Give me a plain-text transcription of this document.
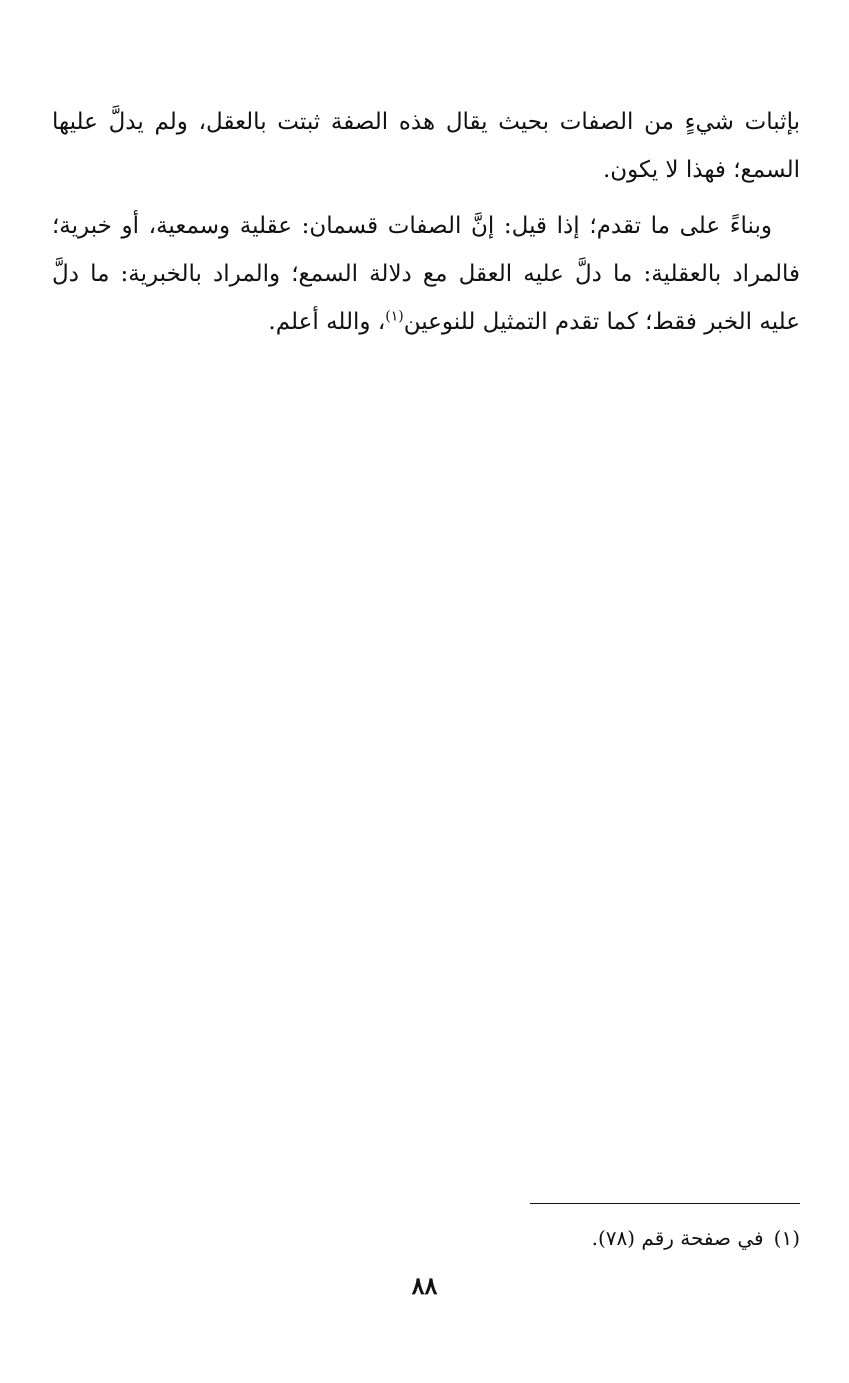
بإثبات شيءٍ من الصفات بحيث يقال هذه الصفة ثبتت بالعقل، ولم يدلَّ عليها السمع؛ فهذا لا يكون.

وبناءً على ما تقدم؛ إذا قيل: إنَّ الصفات قسمان: عقلية وسمعية، أو خبرية؛ فالمراد بالعقلية: ما دلَّ عليه العقل مع دلالة السمع؛ والمراد بالخبرية: ما دلَّ عليه الخبر فقط؛ كما تقدم التمثيل للنوعين$^{(١)}$، والله أعلم.

(١)في صفحة رقم (٧٨).

٨٨
